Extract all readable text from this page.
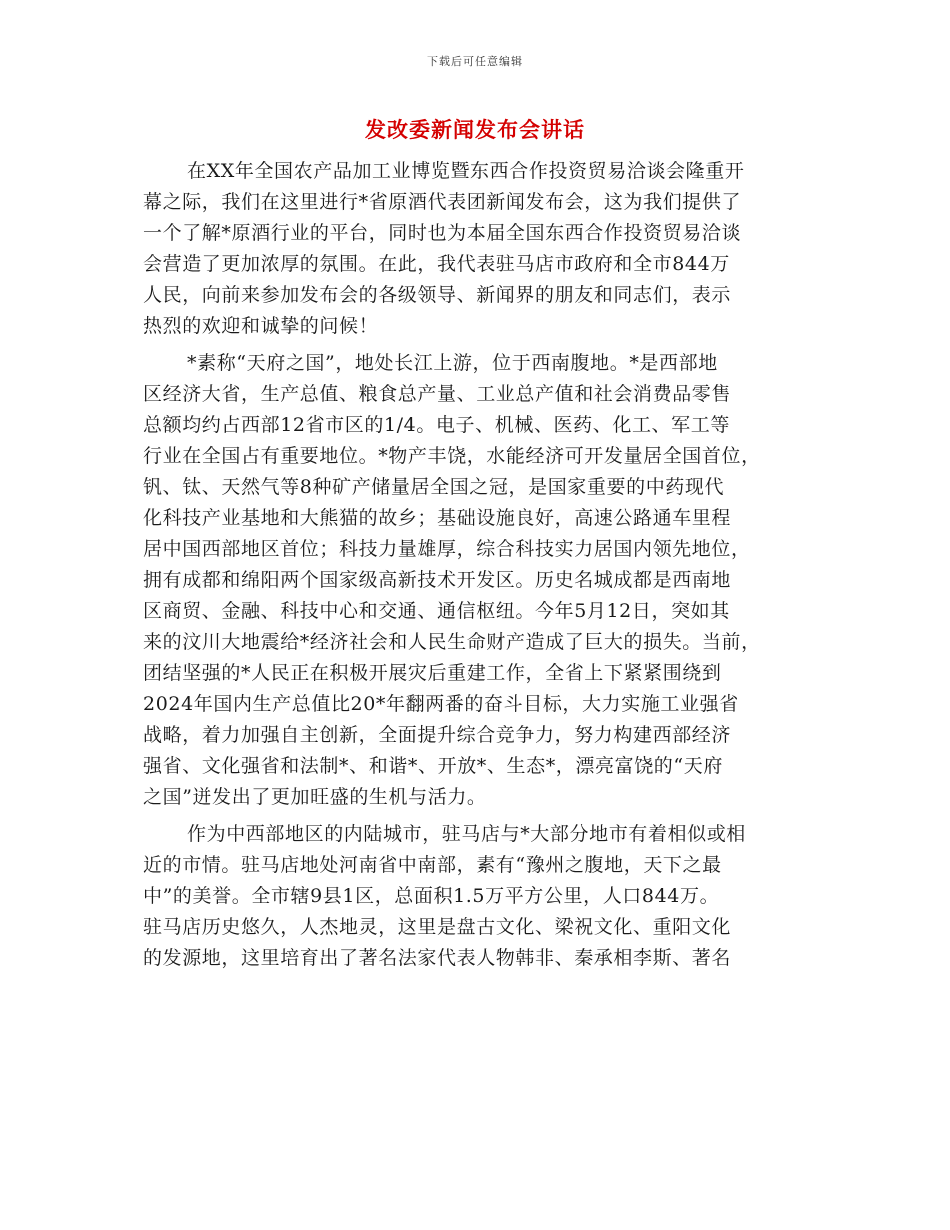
下载后可任意编辑
发改委新闻发布会讲话
在XX年全国农产品加工业博览暨东西合作投资贸易洽谈会隆重开
幕之际，我们在这里进行*省原酒代表团新闻发布会，这为我们提供了
一个了解*原酒行业的平台，同时也为本届全国东西合作投资贸易洽谈
会营造了更加浓厚的氛围。在此，我代表驻马店市政府和全市844万
人民，向前来参加发布会的各级领导、新闻界的朋友和同志们，表示
热烈的欢迎和诚挚的问候！
*素称“天府之国”，地处长江上游，位于西南腹地。*是西部地
区经济大省，生产总值、粮食总产量、工业总产值和社会消费品零售
总额均约占西部12省市区的1/4。电子、机械、医药、化工、军工等
行业在全国占有重要地位。*物产丰饶，水能经济可开发量居全国首位，
钒、钛、天然气等8种矿产储量居全国之冠，是国家重要的中药现代
化科技产业基地和大熊猫的故乡；基础设施良好，高速公路通车里程
居中国西部地区首位；科技力量雄厚，综合科技实力居国内领先地位，
拥有成都和绵阳两个国家级高新技术开发区。历史名城成都是西南地
区商贸、金融、科技中心和交通、通信枢纽。今年5月12日，突如其
来的汶川大地震给*经济社会和人民生命财产造成了巨大的损失。当前，
团结坚强的*人民正在积极开展灾后重建工作，全省上下紧紧围绕到
2024年国内生产总值比20*年翻两番的奋斗目标，大力实施工业强省
战略，着力加强自主创新，全面提升综合竞争力，努力构建西部经济
强省、文化强省和法制*、和谐*、开放*、生态*，漂亮富饶的“天府
之国”迸发出了更加旺盛的生机与活力。
作为中西部地区的内陆城市，驻马店与*大部分地市有着相似或相
近的市情。驻马店地处河南省中南部，素有“豫州之腹地，天下之最
中”的美誉。全市辖9县1区，总面积1.5万平方公里，人口844万。
驻马店历史悠久，人杰地灵，这里是盘古文化、梁祝文化、重阳文化
的发源地，这里培育出了著名法家代表人物韩非、秦承相李斯、著名
